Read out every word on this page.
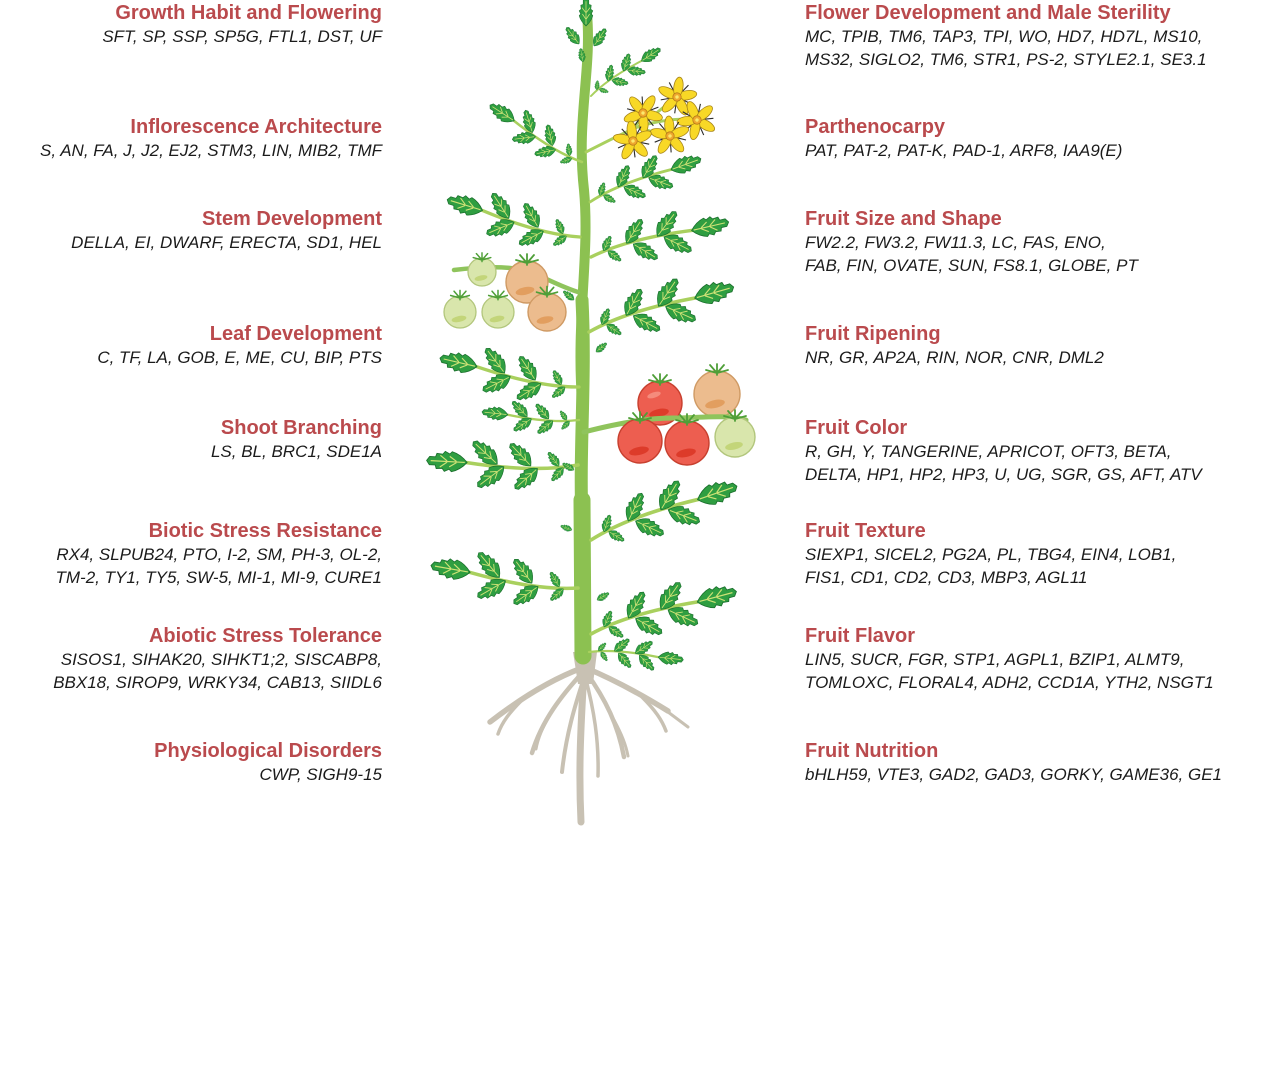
Growth Habit and Flowering
SFT, SP, SSP, SP5G, FTL1, DST, UF
Inflorescence Architecture
S, AN, FA, J, J2, EJ2, STM3, LIN, MIB2, TMF
Stem Development
DELLA, EI, DWARF, ERECTA, SD1, HEL
Leaf Development
C, TF, LA, GOB, E, ME, CU, BIP, PTS
Shoot Branching
LS, BL, BRC1, SDE1A
Biotic Stress Resistance
RX4, SLPUB24, PTO, I-2, SM, PH-3, OL-2,
TM-2, TY1, TY5, SW-5, MI-1, MI-9, CURE1
Abiotic Stress Tolerance
SISOS1, SIHAK20, SIHKT1;2, SISCABP8,
BBX18, SIROP9, WRKY34, CAB13, SIIDL6
Physiological Disorders
CWP, SIGH9-15
Flower Development and Male Sterility
MC, TPIB, TM6, TAP3, TPI, WO, HD7, HD7L, MS10,
MS32, SIGLO2, TM6, STR1, PS-2, STYLE2.1, SE3.1
Parthenocarpy
PAT, PAT-2, PAT-K, PAD-1, ARF8, IAA9(E)
Fruit Size and Shape
FW2.2, FW3.2, FW11.3, LC, FAS, ENO,
FAB, FIN, OVATE, SUN, FS8.1, GLOBE, PT
Fruit Ripening
NR, GR, AP2A, RIN, NOR, CNR, DML2
Fruit Color
R, GH, Y, TANGERINE, APRICOT, OFT3, BETA,
DELTA, HP1, HP2, HP3, U, UG, SGR, GS, AFT, ATV
Fruit Texture
SIEXP1, SICEL2, PG2A, PL, TBG4, EIN4, LOB1,
FIS1, CD1, CD2, CD3, MBP3, AGL11
Fruit Flavor
LIN5, SUCR, FGR, STP1, AGPL1, BZIP1, ALMT9,
TOMLOXC, FLORAL4, ADH2, CCD1A, YTH2, NSGT1
Fruit Nutrition
bHLH59, VTE3, GAD2, GAD3, GORKY, GAME36, GE1
